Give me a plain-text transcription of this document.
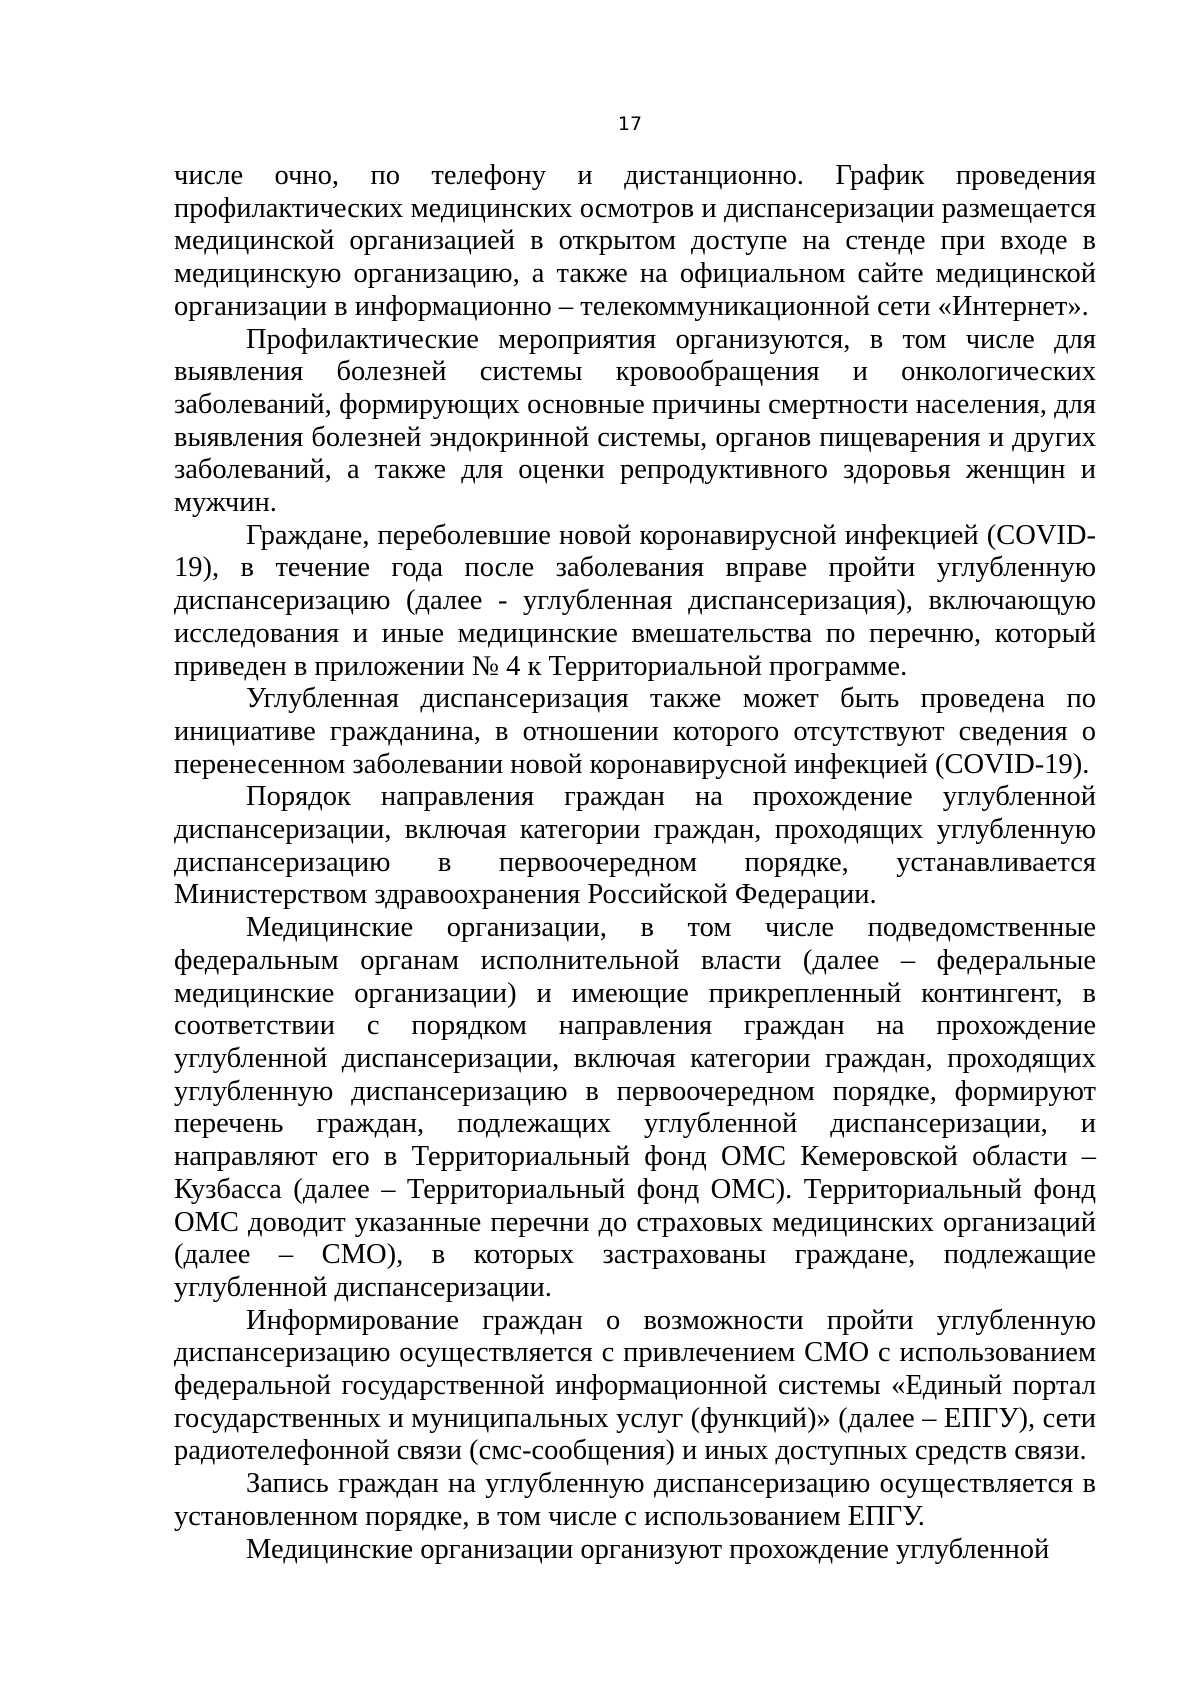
17

числе очно, по телефону и дистанционно. График проведения профилактических медицинских осмотров и диспансеризации размещается медицинской организацией в открытом доступе на стенде при входе в медицинскую организацию, а также на официальном сайте медицинской организации в информационно – телекоммуникационной сети «Интернет».

Профилактические мероприятия организуются, в том числе для выявления болезней системы кровообращения и онкологических заболеваний, формирующих основные причины смертности населения, для выявления болезней эндокринной системы, органов пищеварения и других заболеваний, а также для оценки репродуктивного здоровья женщин и мужчин.

Граждане, переболевшие новой коронавирусной инфекцией (COVID-19), в течение года после заболевания вправе пройти углубленную диспансеризацию (далее - углубленная диспансеризация), включающую исследования и иные медицинские вмешательства по перечню, который приведен в приложении № 4 к Территориальной программе.

Углубленная диспансеризация также может быть проведена по инициативе гражданина, в отношении которого отсутствуют сведения о перенесенном заболевании новой коронавирусной инфекцией (COVID-19).

Порядок направления граждан на прохождение углубленной диспансеризации, включая категории граждан, проходящих углубленную диспансеризацию в первоочередном порядке, устанавливается Министерством здравоохранения Российской Федерации.

Медицинские организации, в том числе подведомственные федеральным органам исполнительной власти (далее – федеральные медицинские организации) и имеющие прикрепленный контингент, в соответствии с порядком направления граждан на прохождение углубленной диспансеризации, включая категории граждан, проходящих углубленную диспансеризацию в первоочередном порядке, формируют перечень граждан, подлежащих углубленной диспансеризации, и направляют его в Территориальный фонд ОМС Кемеровской области – Кузбасса (далее – Территориальный фонд ОМС). Территориальный фонд ОМС доводит указанные перечни до страховых медицинских организаций (далее – СМО), в которых застрахованы граждане, подлежащие углубленной диспансеризации.

Информирование граждан о возможности пройти углубленную диспансеризацию осуществляется с привлечением СМО с использованием федеральной государственной информационной системы «Единый портал государственных и муниципальных услуг (функций)» (далее – ЕПГУ), сети радиотелефонной связи (смс-сообщения) и иных доступных средств связи.

Запись граждан на углубленную диспансеризацию осуществляется в установленном порядке, в том числе с использованием ЕПГУ.

Медицинские организации организуют прохождение углубленной
